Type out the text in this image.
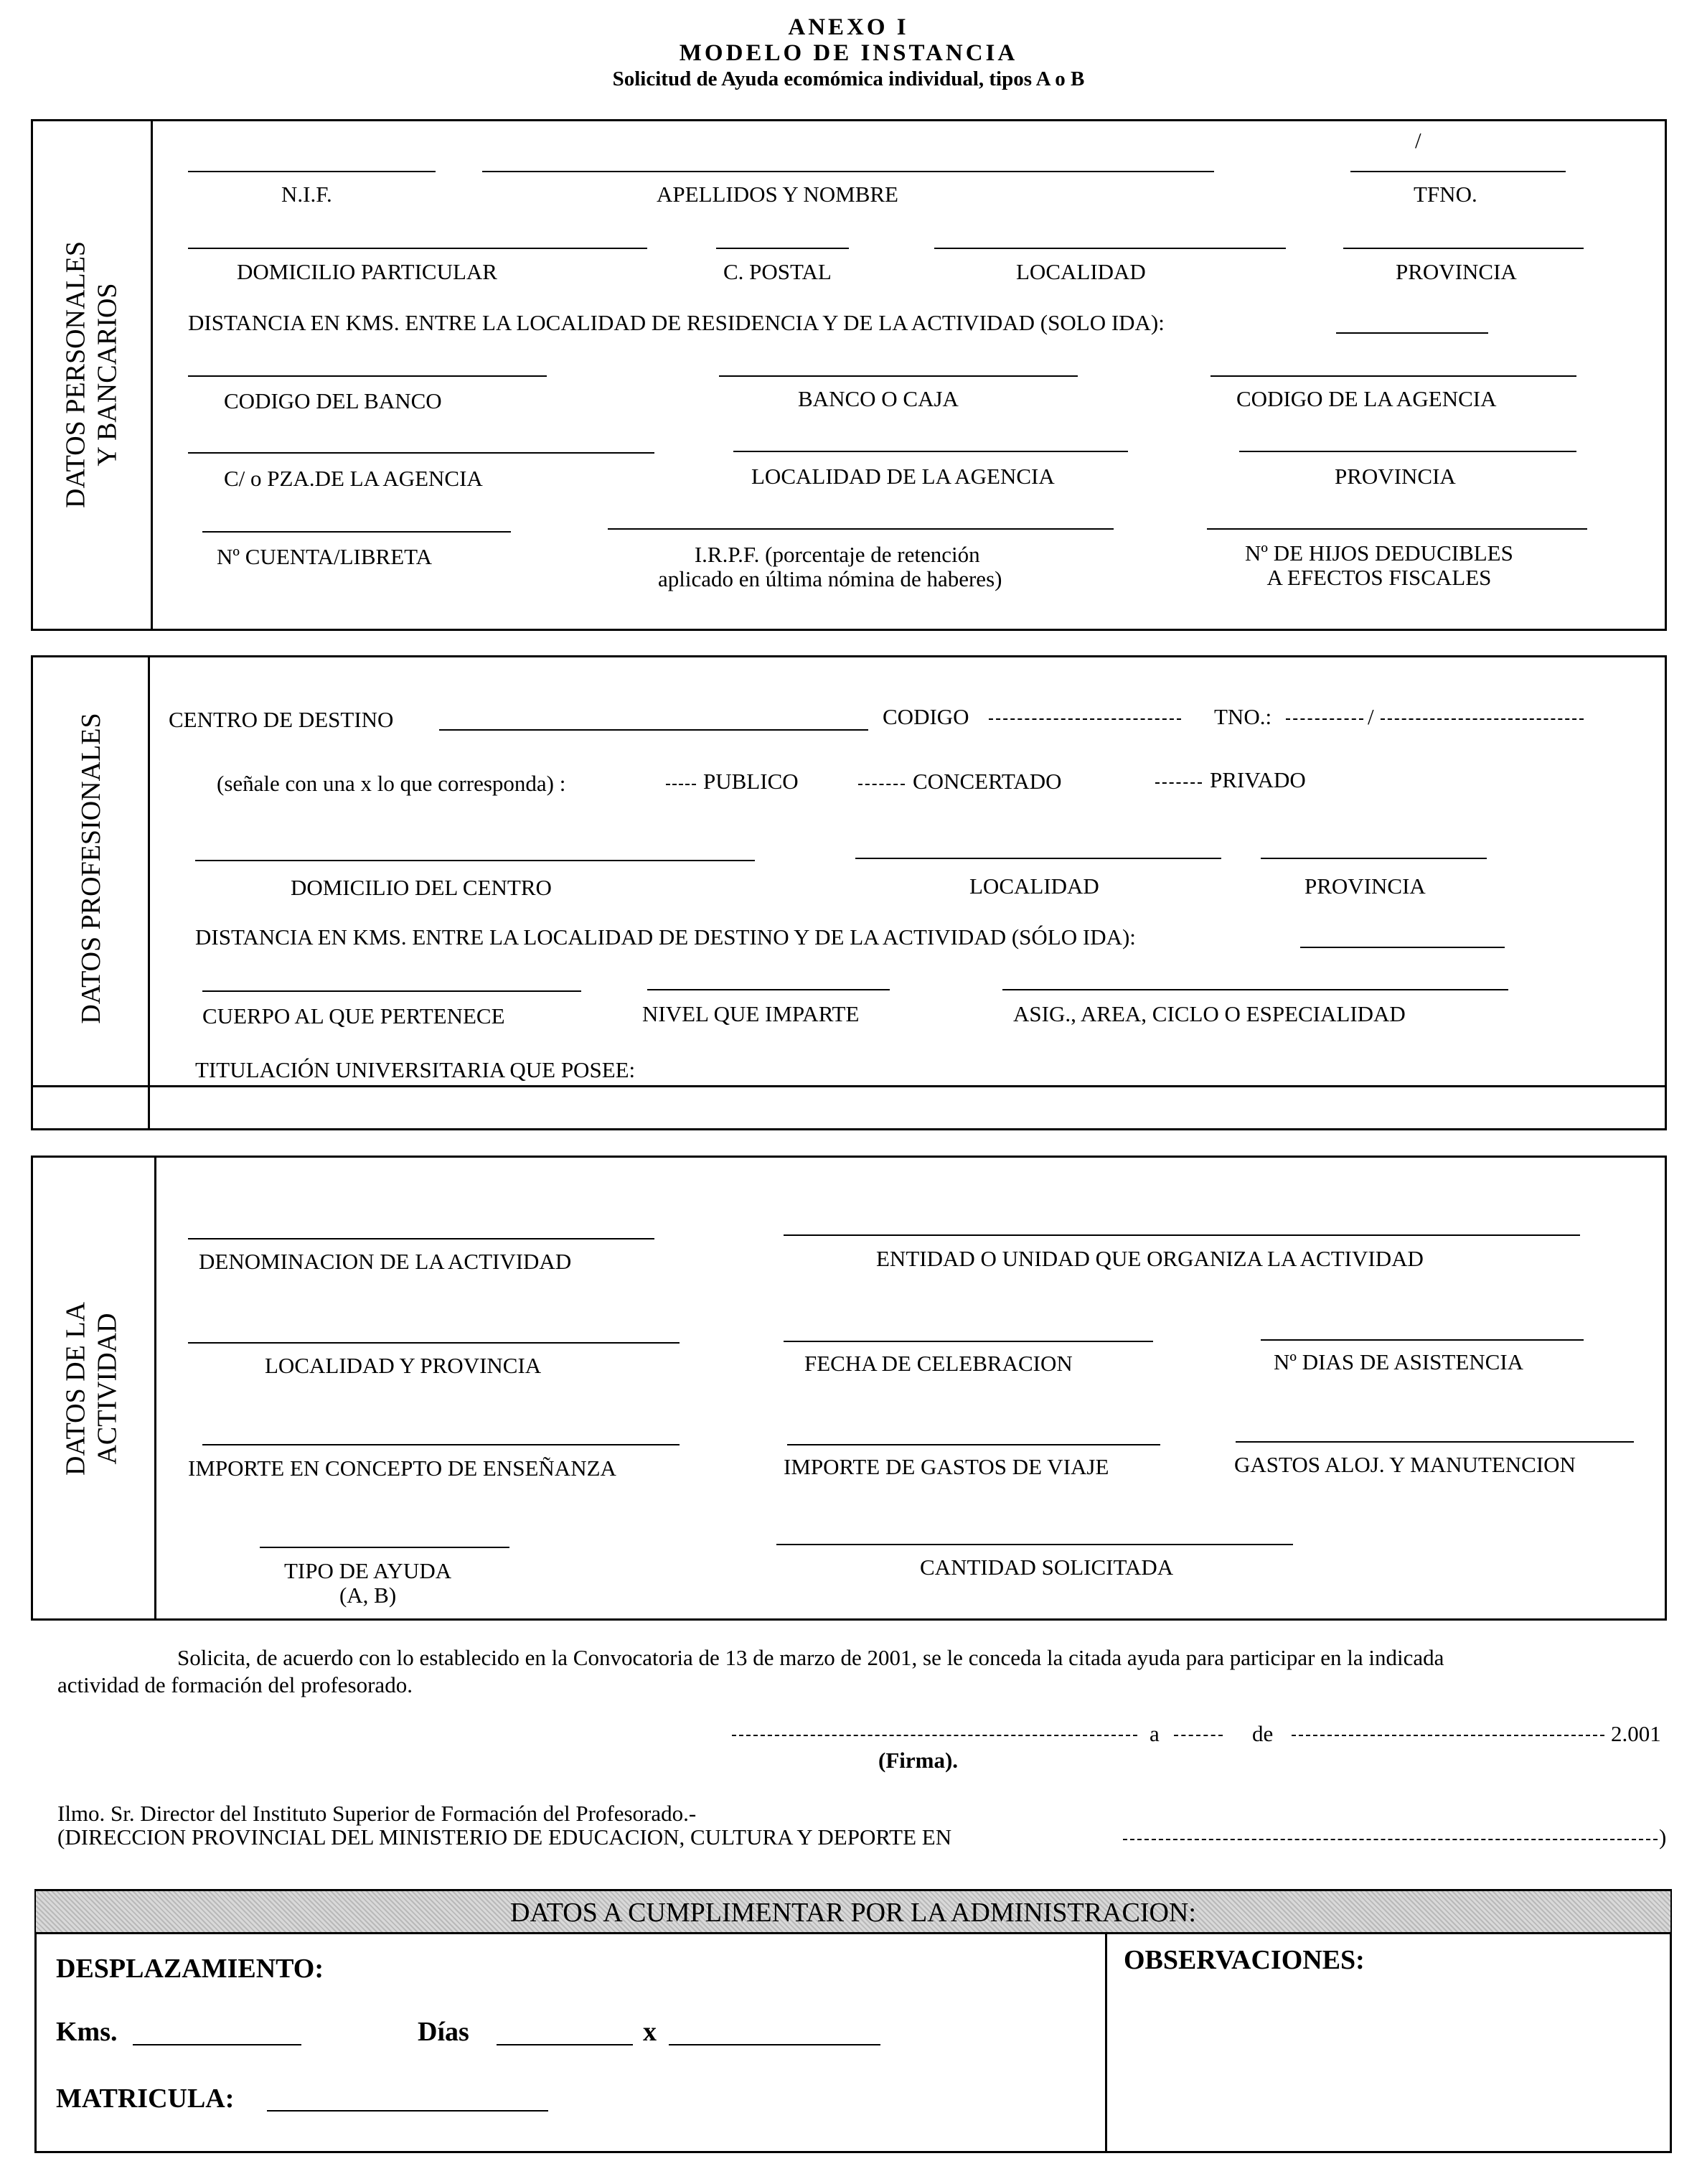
ANEXO I
MODELO DE INSTANCIA
Solicitud de Ayuda ecomómica individual, tipos A o B
DATOS PERSONALES Y BANCARIOS
/
N.I.F.	APELLIDOS Y NOMBRE	TFNO.
DOMICILIO PARTICULAR	C. POSTAL	LOCALIDAD	PROVINCIA
DISTANCIA EN KMS. ENTRE LA LOCALIDAD DE RESIDENCIA Y DE LA ACTIVIDAD (SOLO IDA):
CODIGO DEL BANCO	BANCO O CAJA	CODIGO DE LA AGENCIA
C/ o PZA.DE LA AGENCIA	LOCALIDAD DE LA AGENCIA	PROVINCIA
Nº CUENTA/LIBRETA	I.R.P.F. (porcentaje de retención
aplicado en última nómina de haberes)
Nº DE HIJOS DEDUCIBLES
A EFECTOS FISCALES
DATOS PROFESIONALES	CENTRO DE DESTINO	CODIGO	TNO.:	/
(señale con una x lo que corresponda) :	PUBLICO	CONCERTADO	PRIVADO
DOMICILIO DEL CENTRO	LOCALIDAD	PROVINCIA
DISTANCIA EN KMS. ENTRE LA LOCALIDAD DE DESTINO Y DE LA ACTIVIDAD (SÓLO IDA):
CUERPO AL QUE PERTENECE	NIVEL QUE IMPARTE	ASIG., AREA, CICLO O ESPECIALIDAD
TITULACIÓN UNIVERSITARIA QUE POSEE:
DATOS DE LA ACTIVIDAD
DENOMINACION DE LA ACTIVIDAD	ENTIDAD O UNIDAD QUE ORGANIZA LA ACTIVIDAD
LOCALIDAD Y PROVINCIA	FECHA DE CELEBRACION	Nº DIAS DE ASISTENCIA
IMPORTE EN CONCEPTO DE ENSEÑANZA	IMPORTE DE GASTOS DE VIAJE	GASTOS ALOJ. Y MANUTENCION
TIPO DE AYUDA
(A, B)
CANTIDAD SOLICITADA
Solicita, de acuerdo con lo establecido en la Convocatoria de 13 de marzo de 2001, se le conceda la citada ayuda para participar en la indicada
actividad de formación del profesorado.
a	de	2.001
(Firma).
Ilmo. Sr. Director del Instituto Superior de Formación del Profesorado.-
(DIRECCION PROVINCIAL DEL MINISTERIO DE EDUCACION, CULTURA Y DEPORTE EN	)
DATOS A CUMPLIMENTAR POR LA ADMINISTRACION:
DESPLAZAMIENTO:	OBSERVACIONES:
Kms.	Días	x
MATRICULA:
